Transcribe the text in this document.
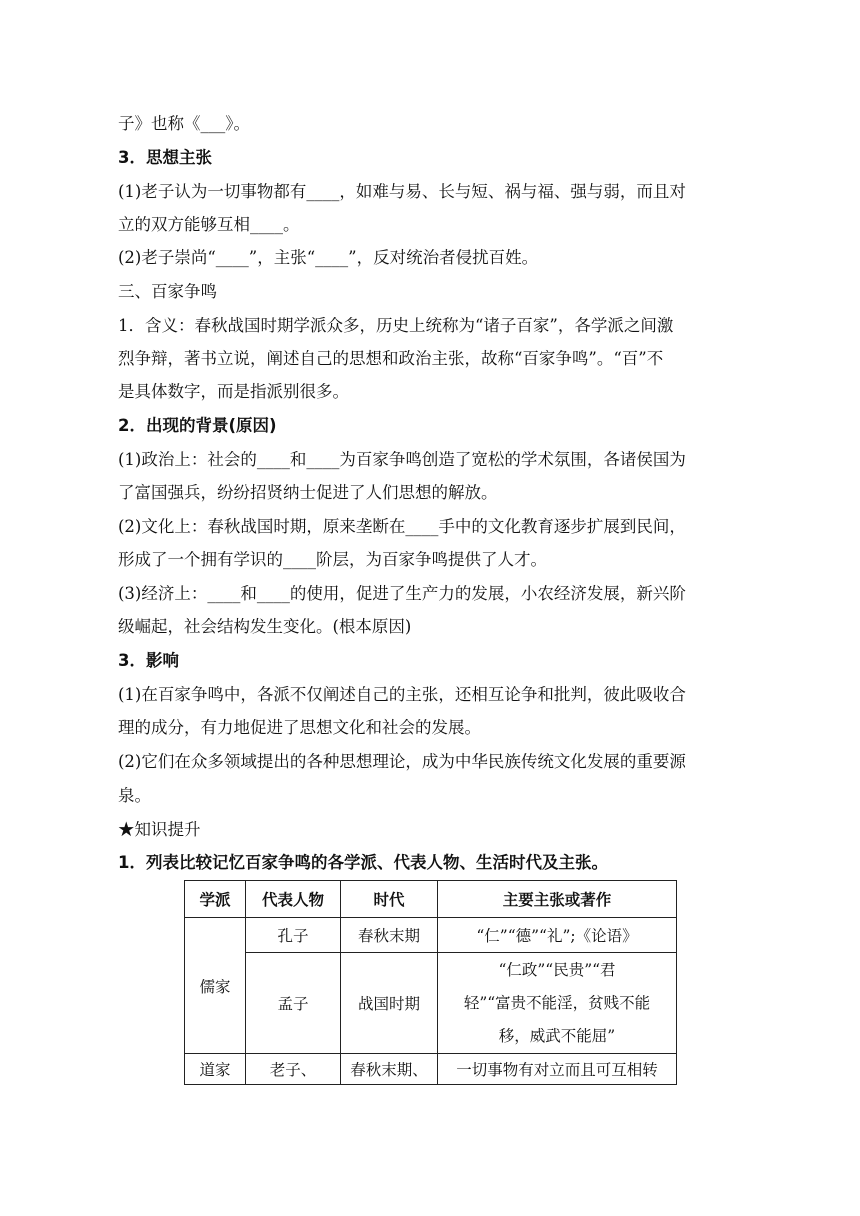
子》也称《___》。
3．思想主张
(1)老子认为一切事物都有____，如难与易、长与短、祸与福、强与弱，而且对
立的双方能够互相____。
(2)老子崇尚“____”，主张“____”，反对统治者侵扰百姓。
三、百家争鸣
1．含义：春秋战国时期学派众多，历史上统称为“诸子百家”，各学派之间激
烈争辩，著书立说，阐述自己的思想和政治主张，故称“百家争鸣”。“百”不
是具体数字，而是指派别很多。
2．出现的背景(原因)
(1)政治上：社会的____和____为百家争鸣创造了宽松的学术氛围，各诸侯国为
了富国强兵，纷纷招贤纳士促进了人们思想的解放。
(2)文化上：春秋战国时期，原来垄断在____手中的文化教育逐步扩展到民间，
形成了一个拥有学识的____阶层，为百家争鸣提供了人才。
(3)经济上：____和____的使用，促进了生产力的发展，小农经济发展，新兴阶
级崛起，社会结构发生变化。(根本原因)
3．影响
(1)在百家争鸣中，各派不仅阐述自己的主张，还相互论争和批判，彼此吸收合
理的成分，有力地促进了思想文化和社会的发展。
(2)它们在众多领域提出的各种思想理论，成为中华民族传统文化发展的重要源
泉。
★知识提升
1．列表比较记忆百家争鸣的各学派、代表人物、生活时代及主张。
学派	代表人物	时代	主要主张或著作
儒家	孔子	春秋末期	“仁”“德”“礼”;《论语》
	孟子	战国时期	“仁政”“民贵”“君
轻”“富贵不能淫，贫贱不能
移，威武不能屈”

道家	老子、	春秋末期、	一切事物有对立而且可互相转
